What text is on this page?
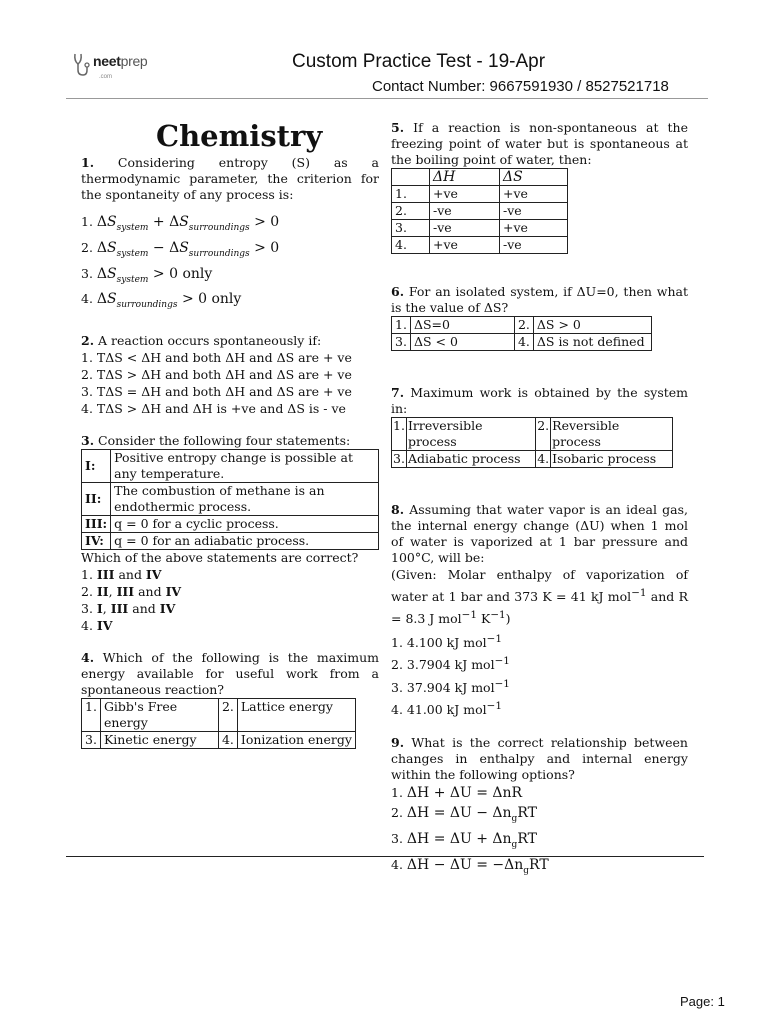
neetprep
.com
Custom Practice Test - 19-Apr
Contact Number: 9667591930 / 8527521718
Chemistry

1. Considering entropy (S) as a thermodynamic parameter, the criterion for the spontaneity of any process is:

1. $\Delta S_{system} + \Delta S_{surroundings} > 0$
2. $\Delta S_{system} - \Delta S_{surroundings} > 0$
3. $\Delta S_{system} > 0$ only
4. $\Delta S_{surroundings} > 0$ only

2. A reaction occurs spontaneously if:

1. TΔS < ΔH and both ΔH and ΔS are + ve
2. TΔS > ΔH and both ΔH and ΔS are + ve
3. TΔS = ΔH and both ΔH and ΔS are + ve
4. TΔS > ΔH and ΔH is +ve and ΔS is - ve

3. Consider the following four statements:

I:	Positive entropy change is possible at any temperature.
II:	The combustion of methane is an endothermic process.
III:	q = 0 for a cyclic process.
IV:	q = 0 for an adiabatic process.

Which of the above statements are correct?

1. III and IV
2. II, III and IV
3. I, III and IV
4. IV

4. Which of the following is the maximum energy available for useful work from a spontaneous reaction?

1.	Gibb's Free energy	2.	Lattice energy
3.	Kinetic energy	4.	Ionization energy

5. If a reaction is non-spontaneous at the freezing point of water but is spontaneous at the boiling point of water, then:

	ΔH	ΔS
1.	+ve	+ve
2.	-ve	-ve
3.	-ve	+ve
4.	+ve	-ve

6. For an isolated system, if ΔU=0, then what is the value of ΔS?

1.	ΔS=0	2.	ΔS > 0
3.	ΔS < 0	4.	ΔS is not defined

7. Maximum work is obtained by the system in:

1.	Irreversible process	2.	Reversible process
3.	Adiabatic process	4.	Isobaric process

8. Assuming that water vapor is an ideal gas, the internal energy change (ΔU) when 1 mol of water is vaporized at 1 bar pressure and 100°C, will be:

(Given: Molar enthalpy of vaporization of water at 1 bar and 373 K = 41 kJ mol$^{-1}$ and R = 8.3 J mol$^{-1}$ $K^{-1}$)

1. 4.100 kJ mol$^{-1}$
2. 3.7904 kJ mol$^{-1}$
3. 37.904 kJ mol$^{-1}$
4. 41.00 kJ mol$^{-1}$

9. What is the correct relationship between changes in enthalpy and internal energy within the following options?

1. ΔH + ΔU = ΔnR
2. $\Delta H = \Delta U - \Delta n_gRT$
3. $\Delta H = \Delta U + \Delta n_gRT$
4. $\Delta H - \Delta U = -\Delta n_gRT$
Page: 1
